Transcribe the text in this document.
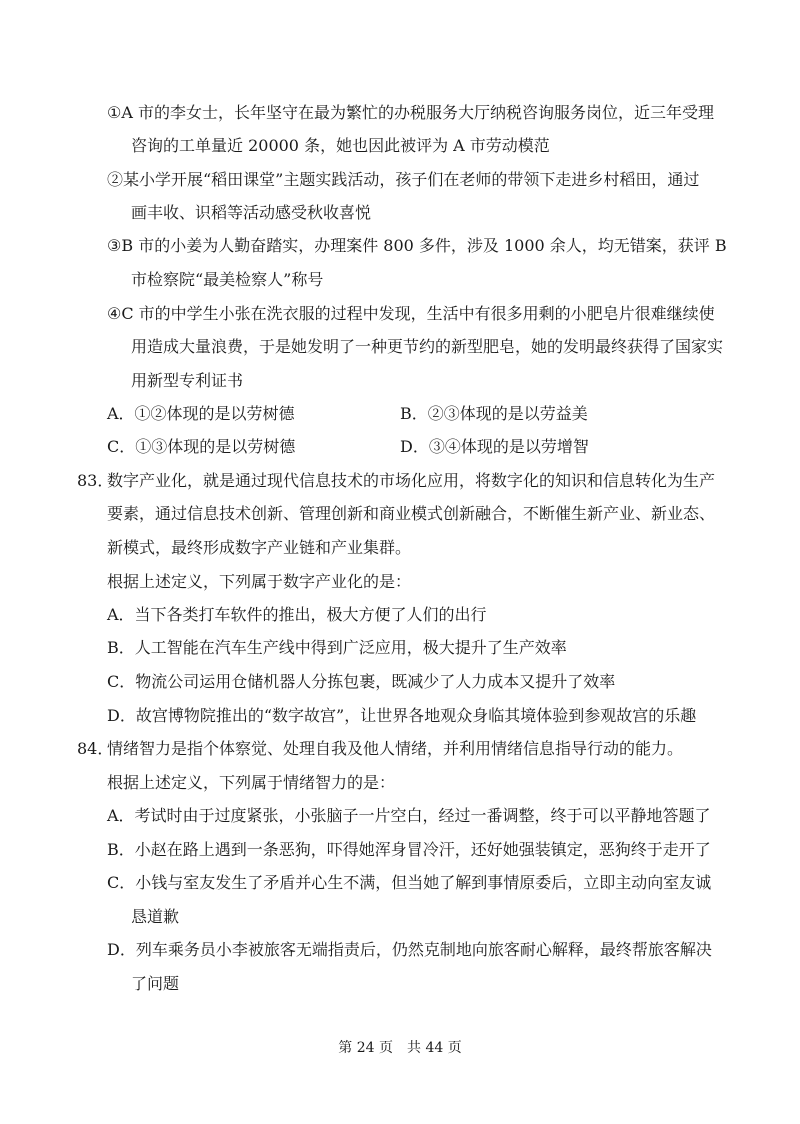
①A 市的李女士，长年坚守在最为繁忙的办税服务大厅纳税咨询服务岗位，近三年受理
咨询的工单量近 20000 条，她也因此被评为 A 市劳动模范
②某小学开展“稻田课堂”主题实践活动，孩子们在老师的带领下走进乡村稻田，通过
画丰收、识稻等活动感受秋收喜悦
③B 市的小姜为人勤奋踏实，办理案件 800 多件，涉及 1000 余人，均无错案，获评 B
市检察院“最美检察人”称号
④C 市的中学生小张在洗衣服的过程中发现，生活中有很多用剩的小肥皂片很难继续使
用造成大量浪费，于是她发明了一种更节约的新型肥皂，她的发明最终获得了国家实
用新型专利证书
A．①②体现的是以劳树德	B．②③体现的是以劳益美
C．①③体现的是以劳树德	D．③④体现的是以劳增智
83．
数字产业化，就是通过现代信息技术的市场化应用，将数字化的知识和信息转化为生产
要素，通过信息技术创新、管理创新和商业模式创新融合，不断催生新产业、新业态、
新模式，最终形成数字产业链和产业集群。
根据上述定义，下列属于数字产业化的是：
A．当下各类打车软件的推出，极大方便了人们的出行
B．人工智能在汽车生产线中得到广泛应用，极大提升了生产效率
C．物流公司运用仓储机器人分拣包裹，既减少了人力成本又提升了效率
D．故宫博物院推出的“数字故宫”，让世界各地观众身临其境体验到参观故宫的乐趣
84．
情绪智力是指个体察觉、处理自我及他人情绪，并利用情绪信息指导行动的能力。
根据上述定义，下列属于情绪智力的是：
A．考试时由于过度紧张，小张脑子一片空白，经过一番调整，终于可以平静地答题了
B．小赵在路上遇到一条恶狗，吓得她浑身冒冷汗，还好她强装镇定，恶狗终于走开了
C．小钱与室友发生了矛盾并心生不满，但当她了解到事情原委后，立即主动向室友诚
恳道歉
D．列车乘务员小李被旅客无端指责后，仍然克制地向旅客耐心解释，最终帮旅客解决
了问题
第 24 页　共 44 页
